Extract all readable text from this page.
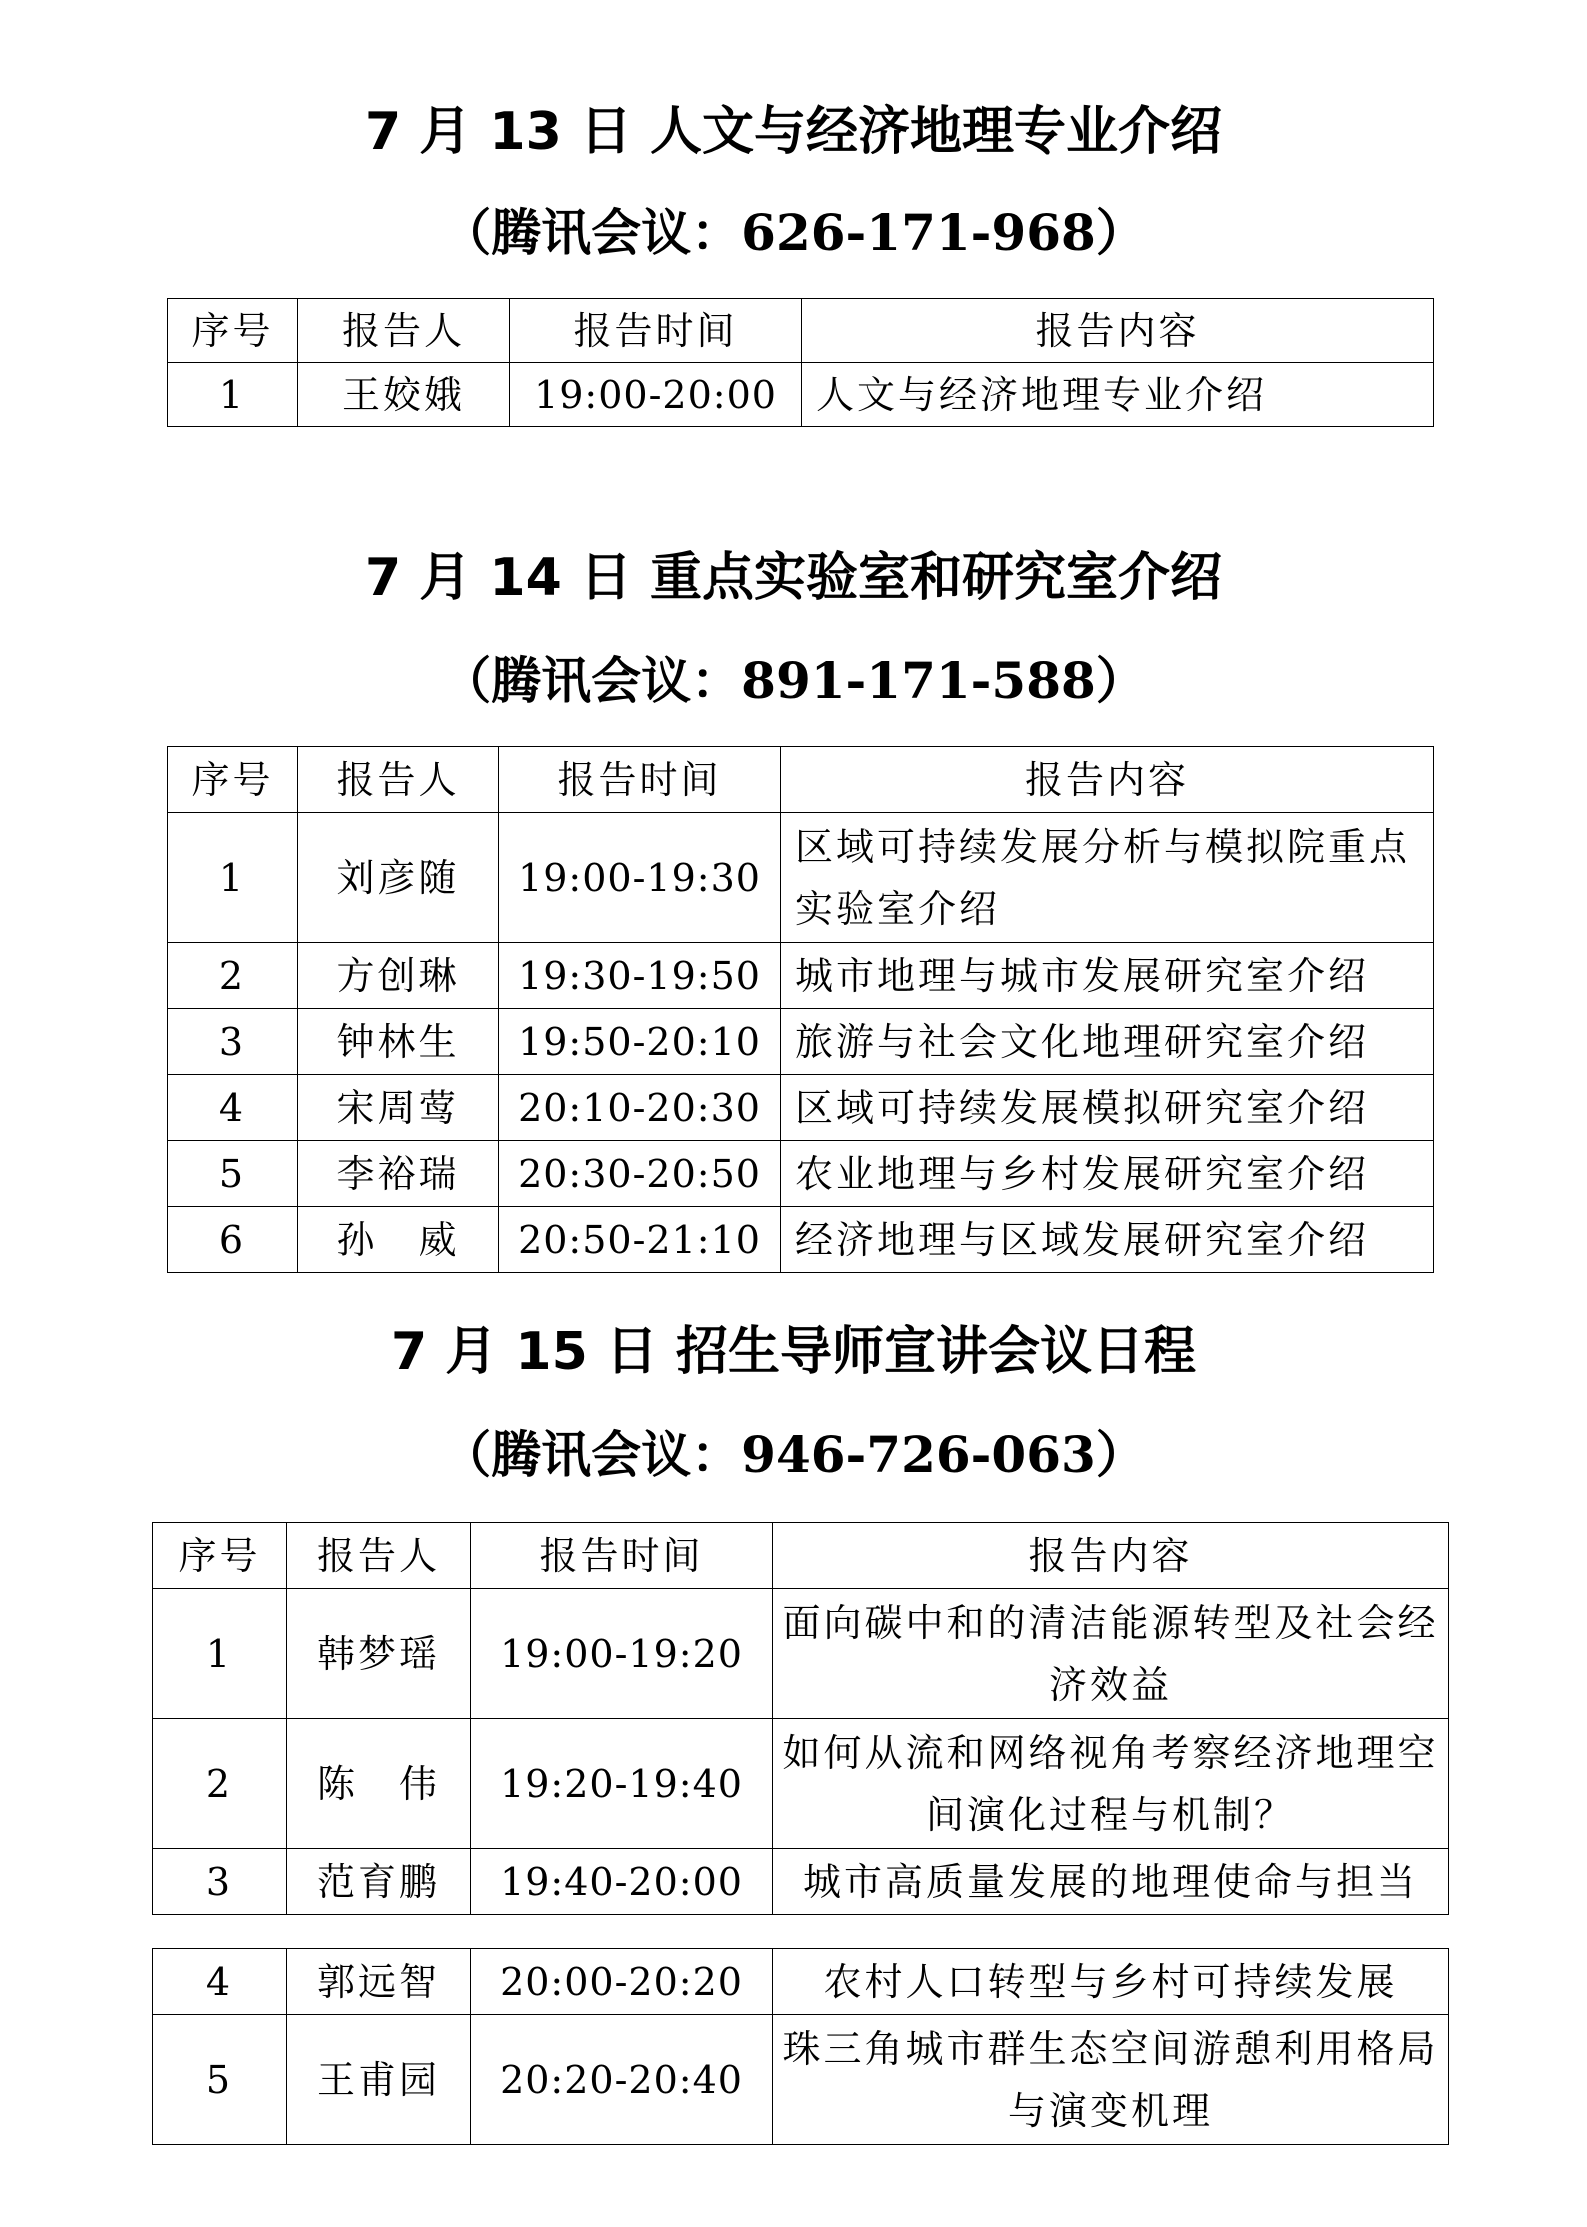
7 月 13 日 人文与经济地理专业介绍
（腾讯会议：626-171-968）
序号	报告人	报告时间	报告内容
1	王姣娥	19:00-20:00	人文与经济地理专业介绍
7 月 14 日 重点实验室和研究室介绍
（腾讯会议：891-171-588）
序号	报告人	报告时间	报告内容
1	刘彦随	19:00-19:30	区域可持续发展分析与模拟院重点实验室介绍
2	方创琳	19:30-19:50	城市地理与城市发展研究室介绍
3	钟林生	19:50-20:10	旅游与社会文化地理研究室介绍
4	宋周莺	20:10-20:30	区域可持续发展模拟研究室介绍
5	李裕瑞	20:30-20:50	农业地理与乡村发展研究室介绍
6	孙　威	20:50-21:10	经济地理与区域发展研究室介绍
7 月 15 日 招生导师宣讲会议日程
（腾讯会议：946-726-063）
序号	报告人	报告时间	报告内容
1	韩梦瑶	19:00-19:20	面向碳中和的清洁能源转型及社会经济效益
2	陈　伟	19:20-19:40	如何从流和网络视角考察经济地理空间演化过程与机制？
3	范育鹏	19:40-20:00	城市高质量发展的地理使命与担当
4	郭远智	20:00-20:20	农村人口转型与乡村可持续发展
5	王甫园	20:20-20:40	珠三角城市群生态空间游憩利用格局与演变机理
